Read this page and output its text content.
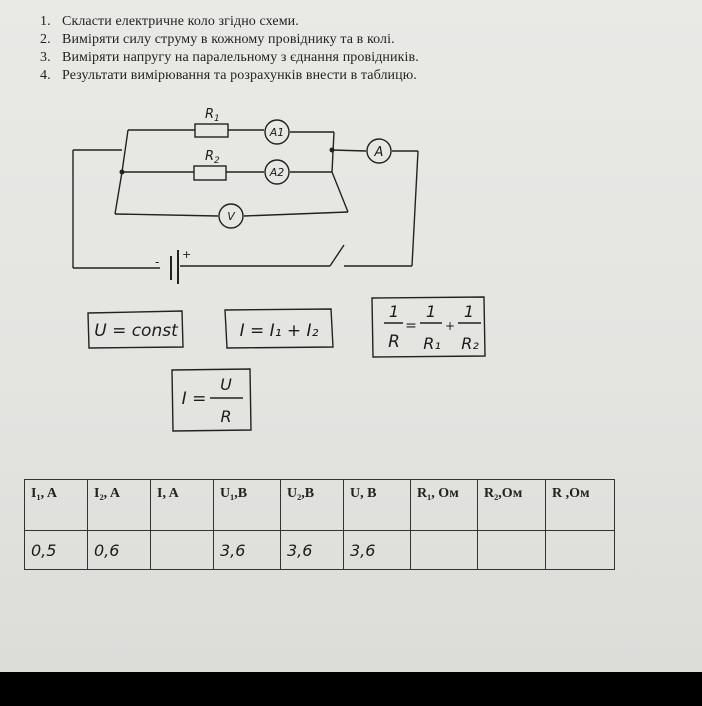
1. Скласти електричне коло згідно схеми.
2. Виміряти силу струму в кожному провіднику та в колі.
3. Виміряти напругу на паралельному з єднання провідників.
4. Результати вимірювання та розрахунків внести в таблицю.
$R_1$
$R_2$
A1
A2
A
V
-
+
U = const	I = I₁ + I₂
1
R
=
1
R₁
+
1
R₂
I =
U
R
I₁, A	I₂, A	I, A	U₁,B	U₂,B	U, B	R₁, Ом	R₂,Ом	R ,Ом
0,5	0,6		3,6	3,6	3,6			
